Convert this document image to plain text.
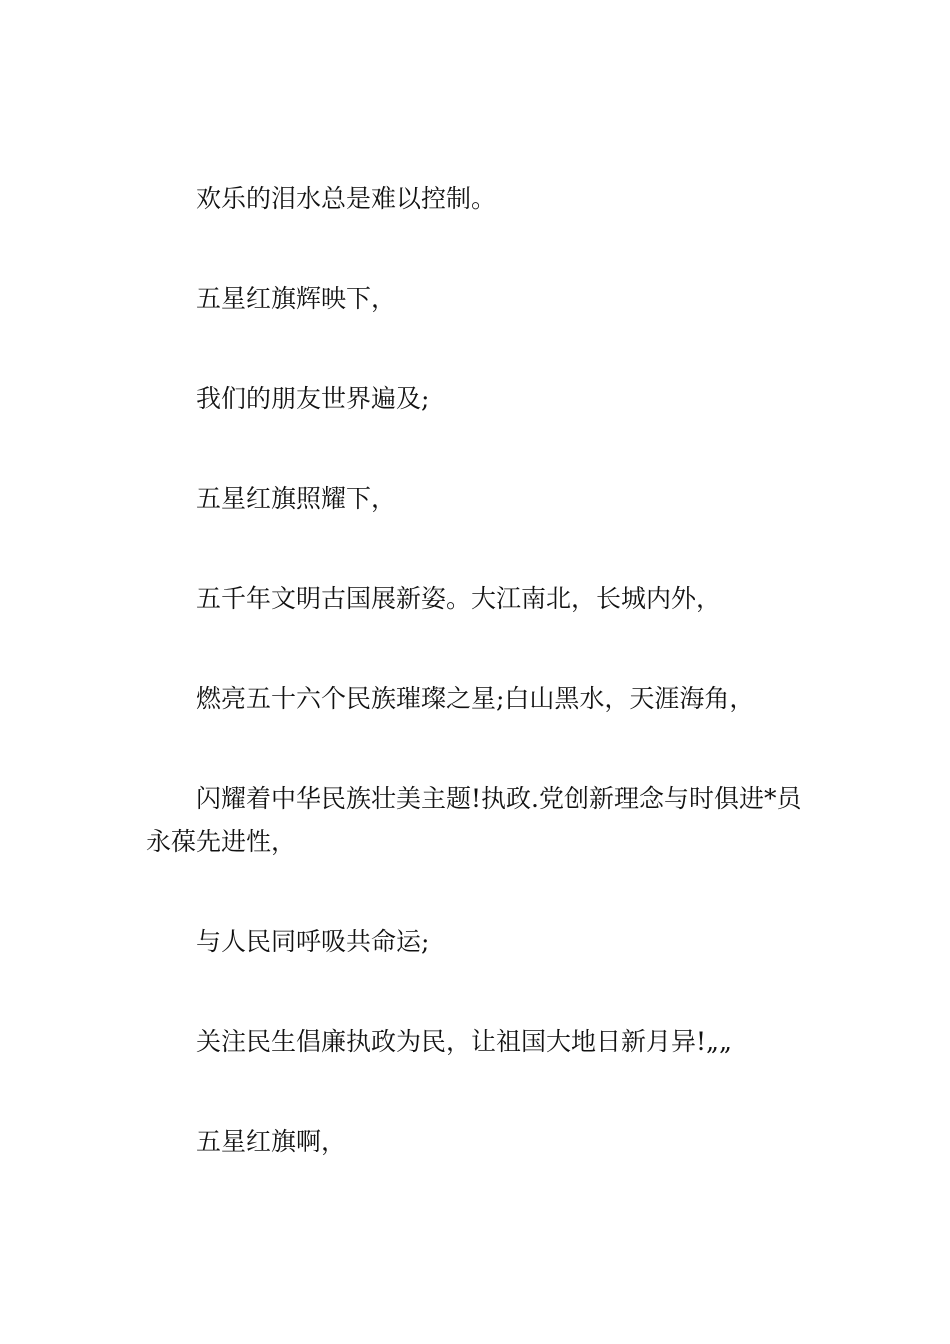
欢乐的泪水总是难以控制。

五星红旗辉映下，

我们的朋友世界遍及;

五星红旗照耀下，

五千年文明古国展新姿。大江南北，长城内外，

燃亮五十六个民族璀璨之星;白山黑水，天涯海角，

闪耀着中华民族壮美主题!执政.党创新理念与时俱进*员永葆先进性，

与人民同呼吸共命运;

关注民生倡廉执政为民，让祖国大地日新月异!„„

五星红旗啊，
